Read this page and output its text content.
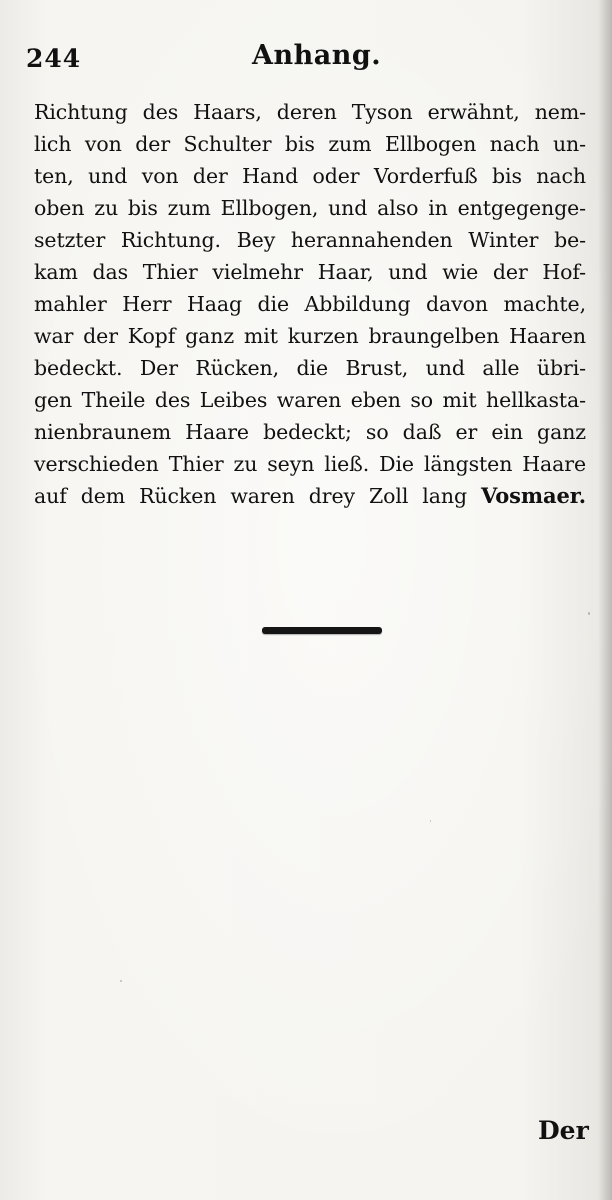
244	Anhang.
Richtung des Haars, deren Tyson erwähnt, nem-
lich von der Schulter bis zum Ellbogen nach un-
ten, und von der Hand oder Vorderfuß bis nach
oben zu bis zum Ellbogen, und also in entgegenge-
setzter Richtung. Bey herannahenden Winter be-
kam das Thier vielmehr Haar, und wie der Hof-
mahler Herr Haag die Abbildung davon machte,
war der Kopf ganz mit kurzen braungelben Haaren
bedeckt. Der Rücken, die Brust, und alle übri-
gen Theile des Leibes waren eben so mit hellkasta-
nienbraunem Haare bedeckt; so daß er ein ganz
verschieden Thier zu seyn ließ. Die längsten Haare
auf dem Rücken waren drey Zoll lang Vosmaer.
Der
